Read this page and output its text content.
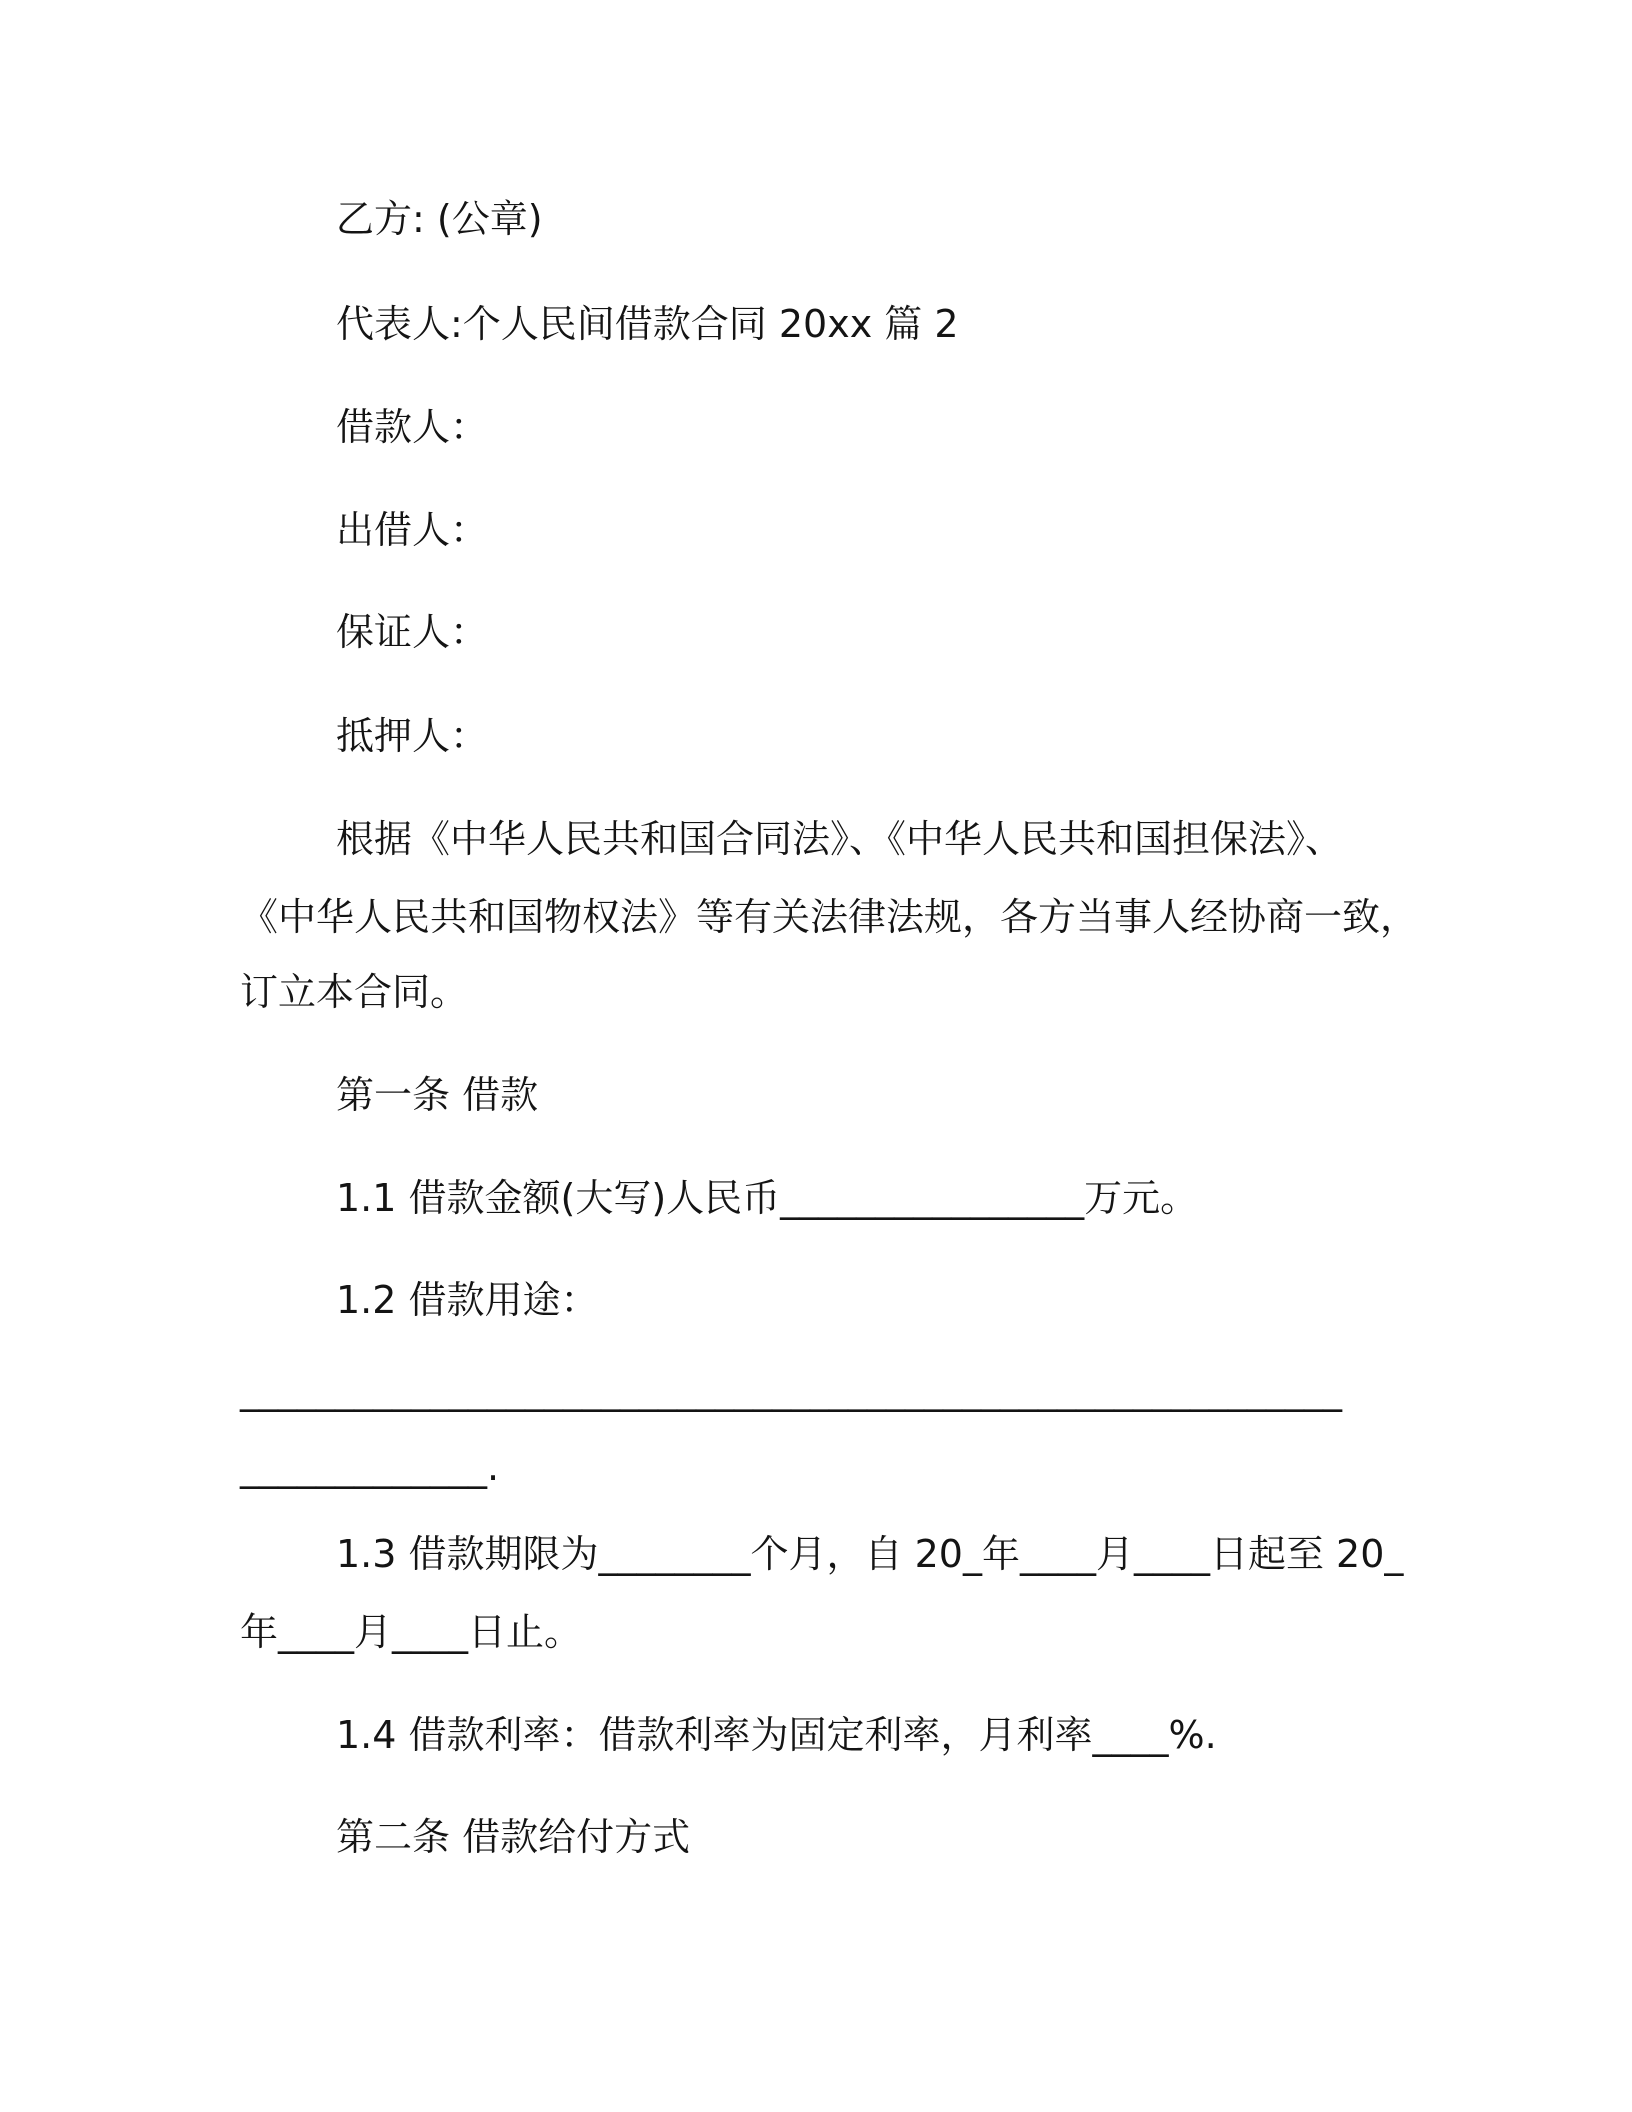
乙方: (公章)
代表人:个人民间借款合同 20xx 篇 2
借款人：
出借人：
保证人：
抵押人：
根据《中华人民共和国合同法》、《中华人民共和国担保法》、
《中华人民共和国物权法》等有关法律法规，各方当事人经协商一致，
订立本合同。
第一条 借款
1.1 借款金额(大写)人民币________________万元。
1.2 借款用途：
__________________________________________________________
_____________.
1.3 借款期限为________个月，自 20_年____月____日起至 20_
年____月____日止。
1.4 借款利率：借款利率为固定利率，月利率____%.
第二条 借款给付方式
